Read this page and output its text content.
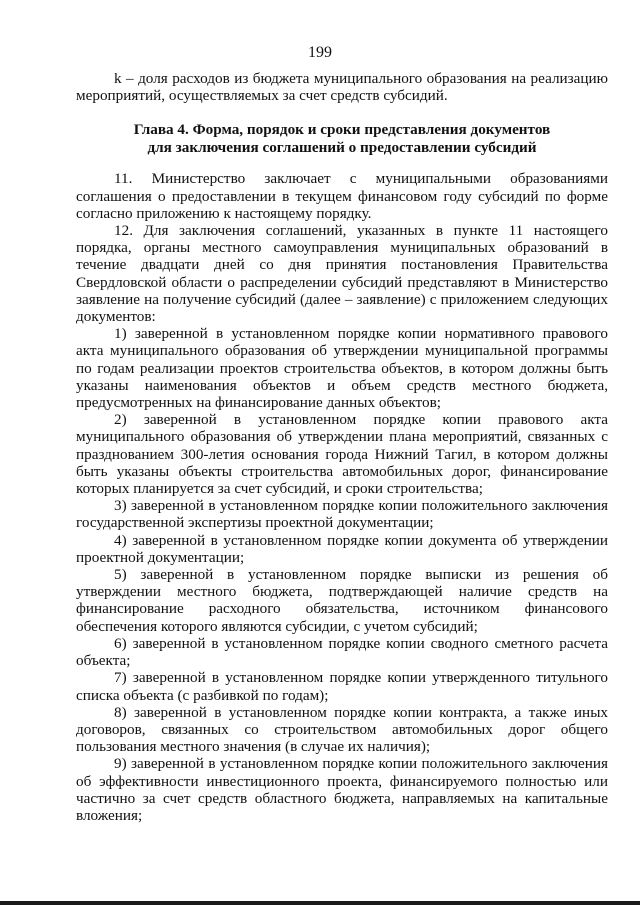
199

k – доля расходов из бюджета муниципального образования на реализацию мероприятий, осуществляемых за счет средств субсидий.

Глава 4. Форма, порядок и сроки представления документов

для заключения соглашений о предоставлении субсидий

11. Министерство заключает с муниципальными образованиями соглашения о предоставлении в текущем финансовом году субсидий по форме согласно приложению к настоящему порядку.

12. Для заключения соглашений, указанных в пункте 11 настоящего порядка, органы местного самоуправления муниципальных образований в течение двадцати дней со дня принятия постановления Правительства Свердловской области о распределении субсидий представляют в Министерство заявление на получение субсидий (далее – заявление) с приложением следующих документов:

1) заверенной в установленном порядке копии нормативного правового акта муниципального образования об утверждении муниципальной программы по годам реализации проектов строительства объектов, в котором должны быть указаны наименования объектов и объем средств местного бюджета, предусмотренных на финансирование данных объектов;

2) заверенной в установленном порядке копии правового акта муниципального образования об утверждении плана мероприятий, связанных с празднованием 300-летия основания города Нижний Тагил, в котором должны быть указаны объекты строительства автомобильных дорог, финансирование которых планируется за счет субсидий, и сроки строительства;

3) заверенной в установленном порядке копии положительного заключения государственной экспертизы проектной документации;

4) заверенной в установленном порядке копии документа об утверждении проектной документации;

5) заверенной в установленном порядке выписки из решения об утверждении местного бюджета, подтверждающей наличие средств на финансирование расходного обязательства, источником финансового обеспечения которого являются субсидии, с учетом субсидий;

6) заверенной в установленном порядке копии сводного сметного расчета объекта;

7) заверенной в установленном порядке копии утвержденного титульного списка объекта (с разбивкой по годам);

8) заверенной в установленном порядке копии контракта, а также иных договоров, связанных со строительством автомобильных дорог общего пользования местного значения (в случае их наличия);

9) заверенной в установленном порядке копии положительного заключения об эффективности инвестиционного проекта, финансируемого полностью или частично за счет средств областного бюджета, направляемых на капитальные вложения;
